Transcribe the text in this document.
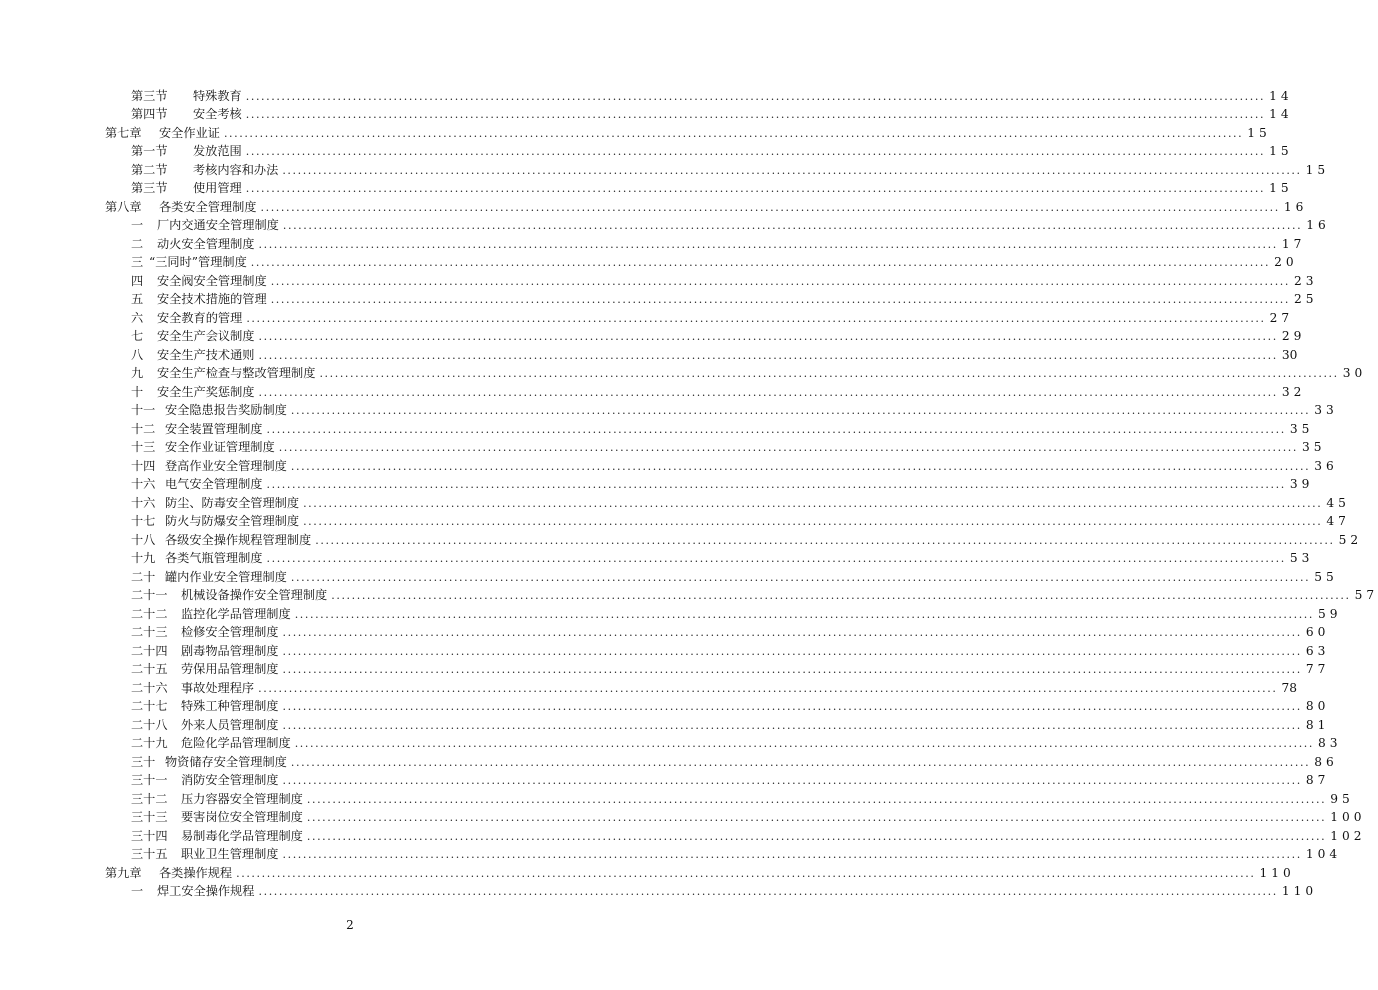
第三节	特殊教育 ........................................................................................................................................................................................................ 14
第四节	安全考核 ........................................................................................................................................................................................................ 14
第七章	安全作业证 ........................................................................................................................................................................................................ 15
第一节	发放范围 ........................................................................................................................................................................................................ 15
第二节	考核内容和办法 ........................................................................................................................................................................................................ 15
第三节	使用管理 ........................................................................................................................................................................................................ 15
第八章	各类安全管理制度 ........................................................................................................................................................................................................ 16
一	厂内交通安全管理制度 ........................................................................................................................................................................................................ 16
二	动火安全管理制度 ........................................................................................................................................................................................................ 17
三 “三同时”管理制度 ........................................................................................................................................................................................................ 20
四	安全阀安全管理制度 ........................................................................................................................................................................................................ 23
五	安全技术措施的管理 ........................................................................................................................................................................................................ 25
六	安全教育的管理 ........................................................................................................................................................................................................ 27
七	安全生产会议制度 ........................................................................................................................................................................................................ 29
八	安全生产技术通则 ........................................................................................................................................................................................................ 30
九	安全生产检查与整改管理制度 ........................................................................................................................................................................................................ 30
十	安全生产奖惩制度 ........................................................................................................................................................................................................ 32
十一 安全隐患报告奖励制度 ........................................................................................................................................................................................................ 33
十二 安全装置管理制度 ........................................................................................................................................................................................................ 35
十三 安全作业证管理制度 ........................................................................................................................................................................................................ 35
十四 登高作业安全管理制度 ........................................................................................................................................................................................................ 36
十六 电气安全管理制度 ........................................................................................................................................................................................................ 39
十六 防尘、防毒安全管理制度 ........................................................................................................................................................................................................ 45
十七 防火与防爆安全管理制度 ........................................................................................................................................................................................................ 47
十八 各级安全操作规程管理制度 ........................................................................................................................................................................................................ 52
十九 各类气瓶管理制度 ........................................................................................................................................................................................................ 53
二十 罐内作业安全管理制度 ........................................................................................................................................................................................................ 55
二十一	机械设备操作安全管理制度 ........................................................................................................................................................................................................ 57
二十二	监控化学品管理制度 ........................................................................................................................................................................................................ 59
二十三	检修安全管理制度 ........................................................................................................................................................................................................ 60
二十四	剧毒物品管理制度 ........................................................................................................................................................................................................ 63
二十五	劳保用品管理制度 ........................................................................................................................................................................................................ 77
二十六	事故处理程序 ........................................................................................................................................................................................................ 78
二十七	特殊工种管理制度 ........................................................................................................................................................................................................ 80
二十八	外来人员管理制度 ........................................................................................................................................................................................................ 81
二十九	危险化学品管理制度 ........................................................................................................................................................................................................ 83
三十 物资储存安全管理制度 ........................................................................................................................................................................................................ 86
三十一	消防安全管理制度 ........................................................................................................................................................................................................ 87
三十二	压力容器安全管理制度 ........................................................................................................................................................................................................ 95
三十三	要害岗位安全管理制度 ........................................................................................................................................................................................................ 100
三十四	易制毒化学品管理制度 ........................................................................................................................................................................................................ 102
三十五	职业卫生管理制度 ........................................................................................................................................................................................................ 104
第九章	各类操作规程 ........................................................................................................................................................................................................ 110
一	焊工安全操作规程 ........................................................................................................................................................................................................ 110
2
